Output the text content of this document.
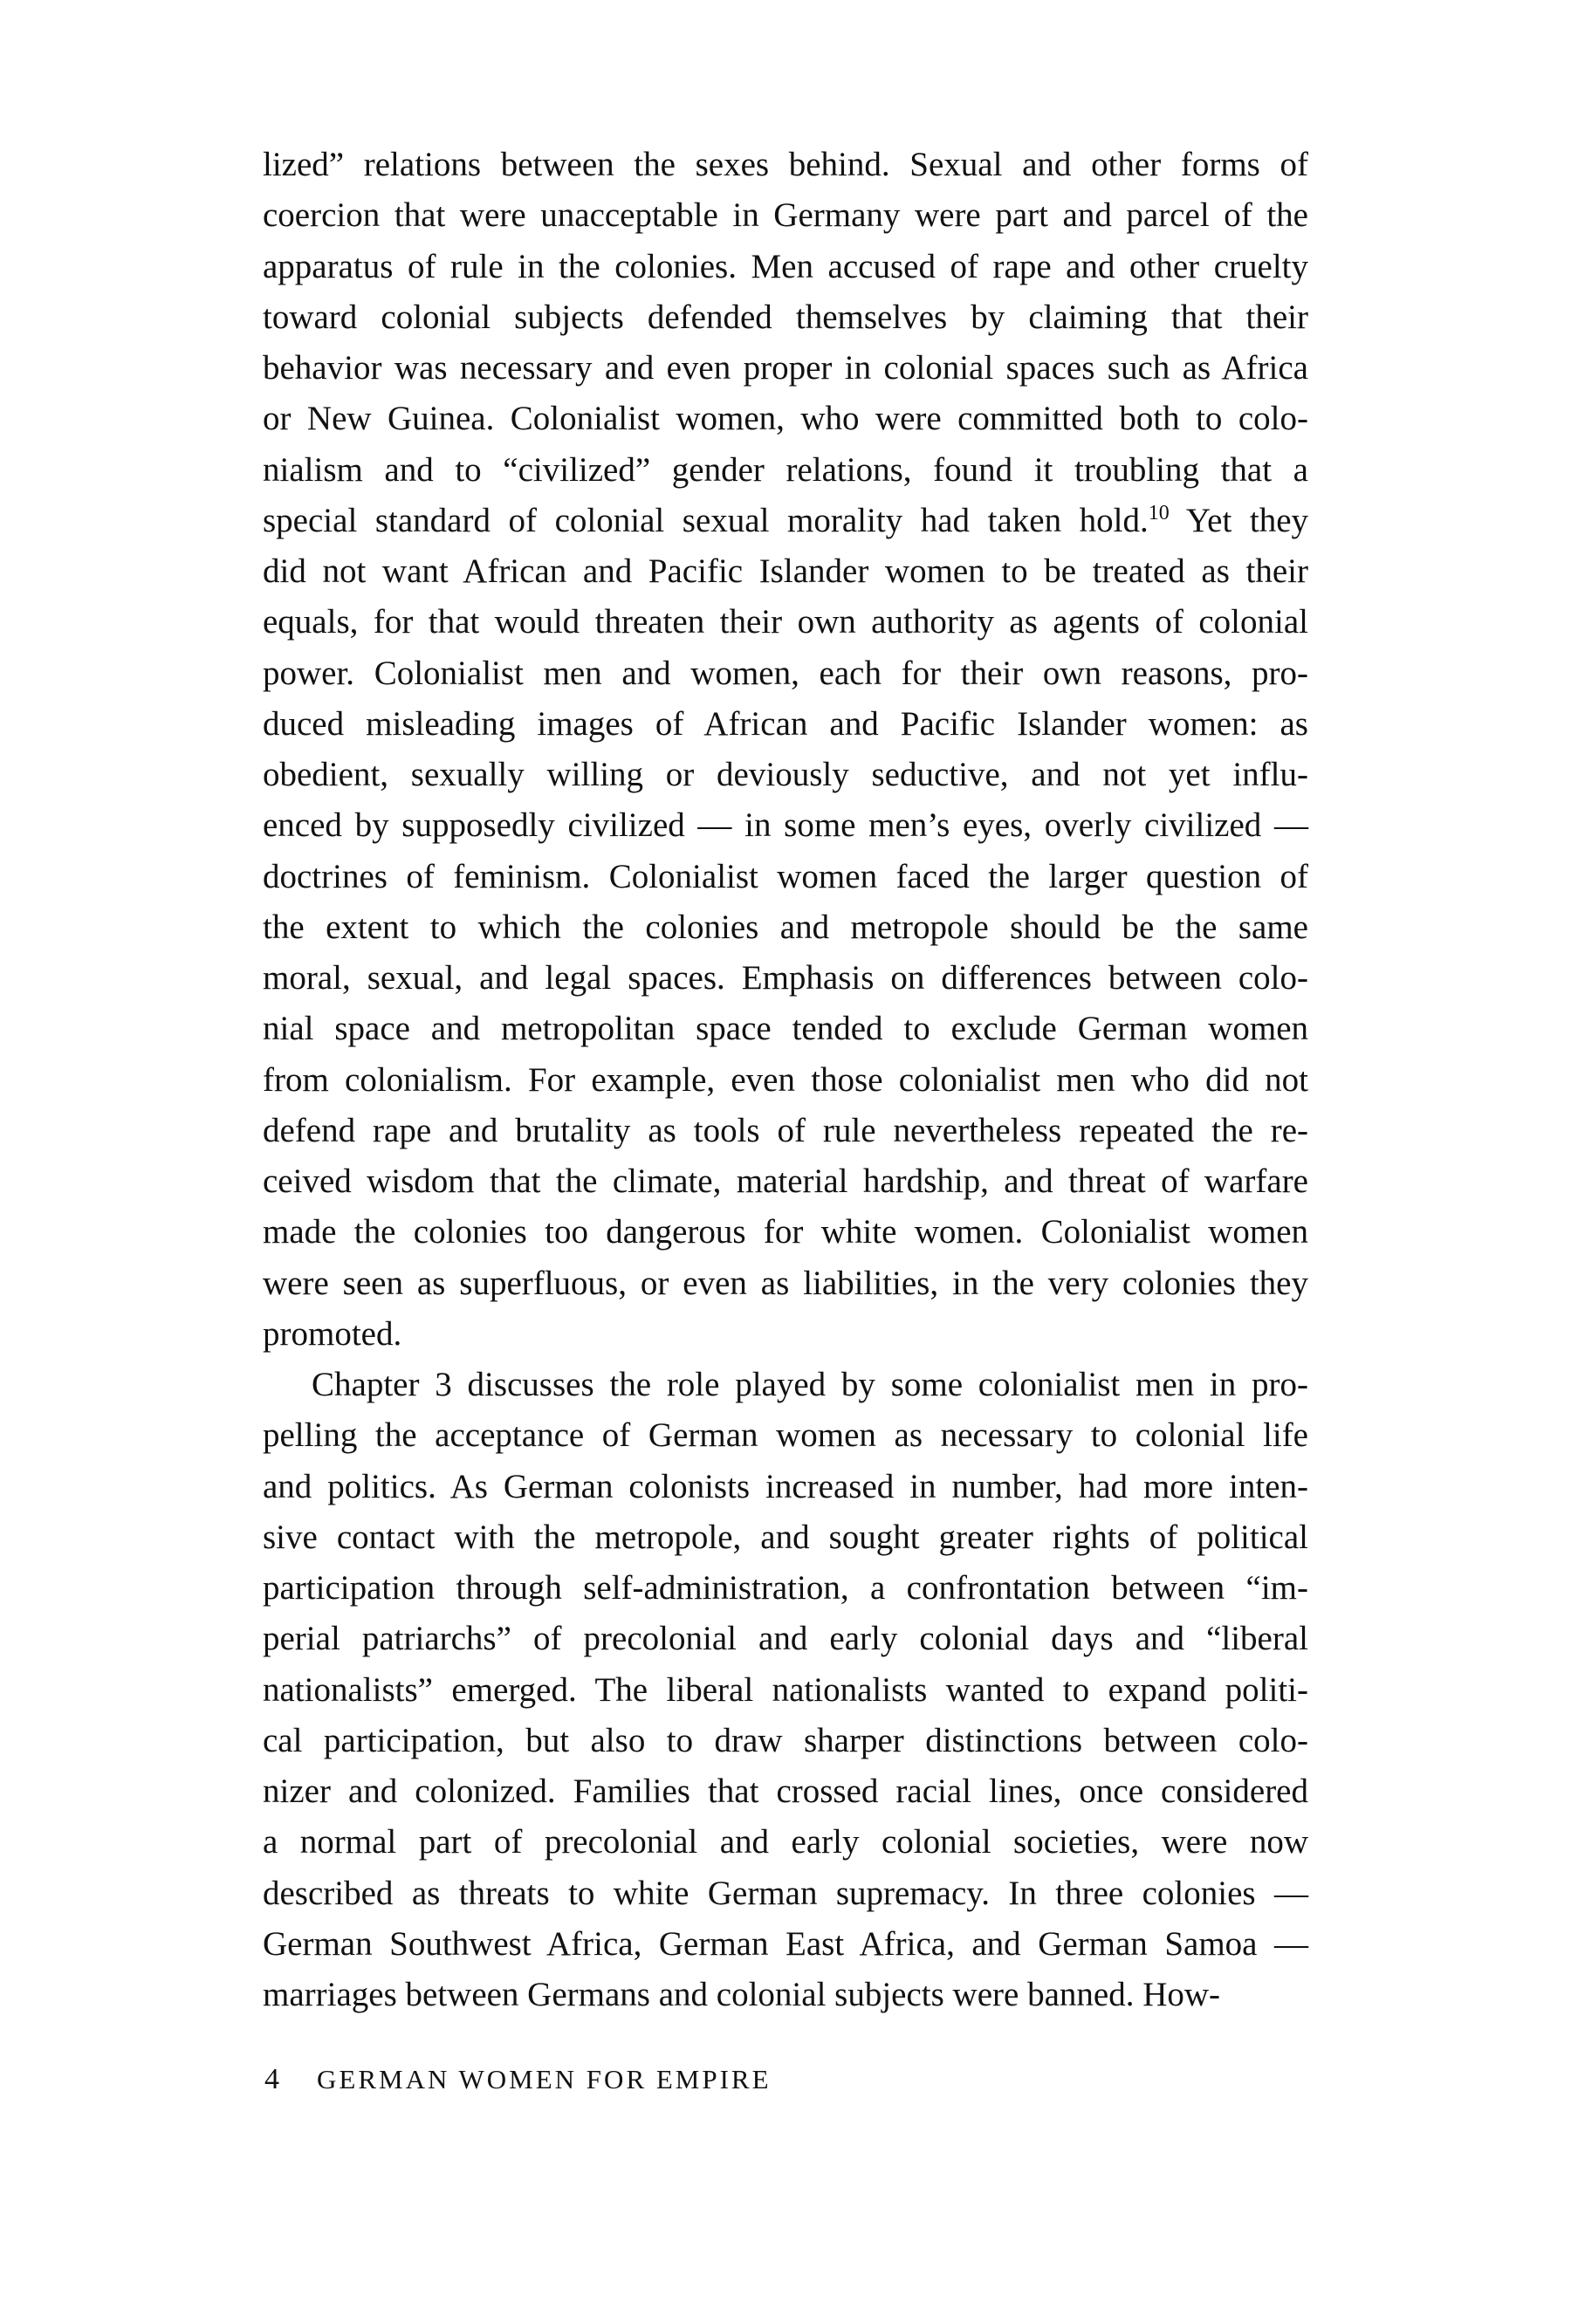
lized” relations between the sexes behind. Sexual and other forms of
coercion that were unacceptable in Germany were part and parcel of the
apparatus of rule in the colonies. Men accused of rape and other cruelty
toward colonial subjects defended themselves by claiming that their
behavior was necessary and even proper in colonial spaces such as Africa
or New Guinea. Colonialist women, who were committed both to colo-
nialism and to “civilized” gender relations, found it troubling that a
special standard of colonial sexual morality had taken hold.$^{10}$ Yet they
did not want African and Pacific Islander women to be treated as their
equals, for that would threaten their own authority as agents of colonial
power. Colonialist men and women, each for their own reasons, pro-
duced misleading images of African and Pacific Islander women: as
obedient, sexually willing or deviously seductive, and not yet influ-
enced by supposedly civilized — in some men’s eyes, overly civilized —
doctrines of feminism. Colonialist women faced the larger question of
the extent to which the colonies and metropole should be the same
moral, sexual, and legal spaces. Emphasis on differences between colo-
nial space and metropolitan space tended to exclude German women
from colonialism. For example, even those colonialist men who did not
defend rape and brutality as tools of rule nevertheless repeated the re-
ceived wisdom that the climate, material hardship, and threat of warfare
made the colonies too dangerous for white women. Colonialist women
were seen as superfluous, or even as liabilities, in the very colonies they
promoted.
Chapter 3 discusses the role played by some colonialist men in pro-
pelling the acceptance of German women as necessary to colonial life
and politics. As German colonists increased in number, had more inten-
sive contact with the metropole, and sought greater rights of political
participation through self-administration, a confrontation between “im-
perial patriarchs” of precolonial and early colonial days and “liberal
nationalists” emerged. The liberal nationalists wanted to expand politi-
cal participation, but also to draw sharper distinctions between colo-
nizer and colonized. Families that crossed racial lines, once considered
a normal part of precolonial and early colonial societies, were now
described as threats to white German supremacy. In three colonies —
German Southwest Africa, German East Africa, and German Samoa —
marriages between Germans and colonial subjects were banned. How-
4 GERMAN WOMEN FOR EMPIRE
